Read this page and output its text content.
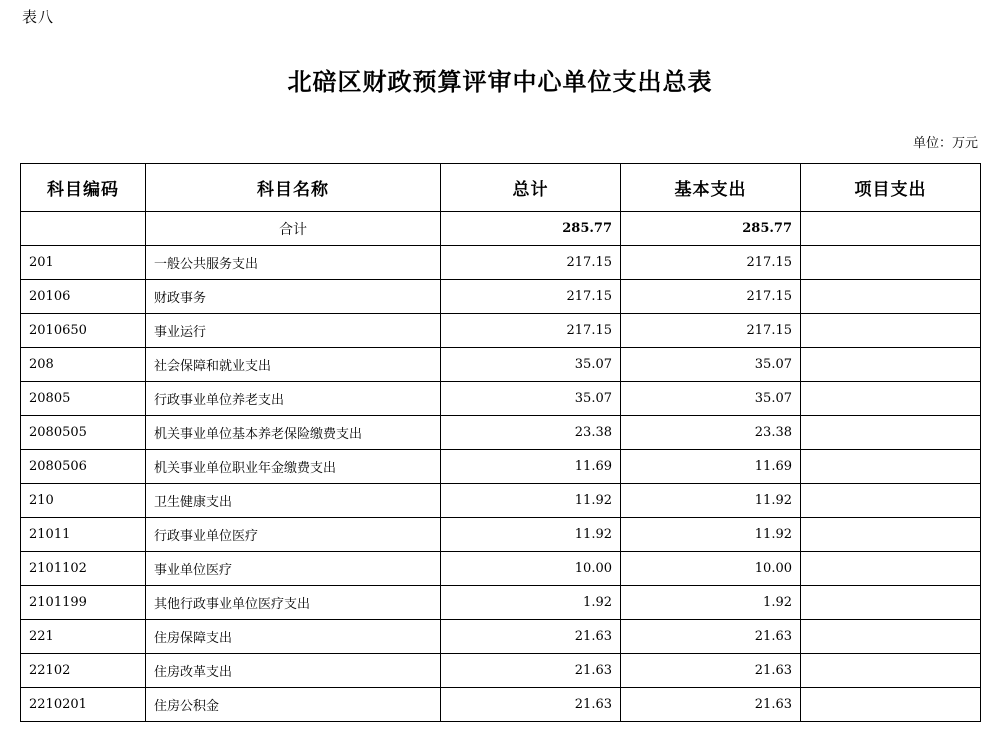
表八
北碚区财政预算评审中心单位支出总表
单位：万元
科目编码	科目名称	总计	基本支出	项目支出
	合计	285.77	285.77	
201	一般公共服务支出	217.15	217.15	
20106	财政事务	217.15	217.15	
2010650	事业运行	217.15	217.15	
208	社会保障和就业支出	35.07	35.07	
20805	行政事业单位养老支出	35.07	35.07	
2080505	机关事业单位基本养老保险缴费支出	23.38	23.38	
2080506	机关事业单位职业年金缴费支出	11.69	11.69	
210	卫生健康支出	11.92	11.92	
21011	行政事业单位医疗	11.92	11.92	
2101102	事业单位医疗	10.00	10.00	
2101199	其他行政事业单位医疗支出	1.92	1.92	
221	住房保障支出	21.63	21.63	
22102	住房改革支出	21.63	21.63	
2210201	住房公积金	21.63	21.63	
